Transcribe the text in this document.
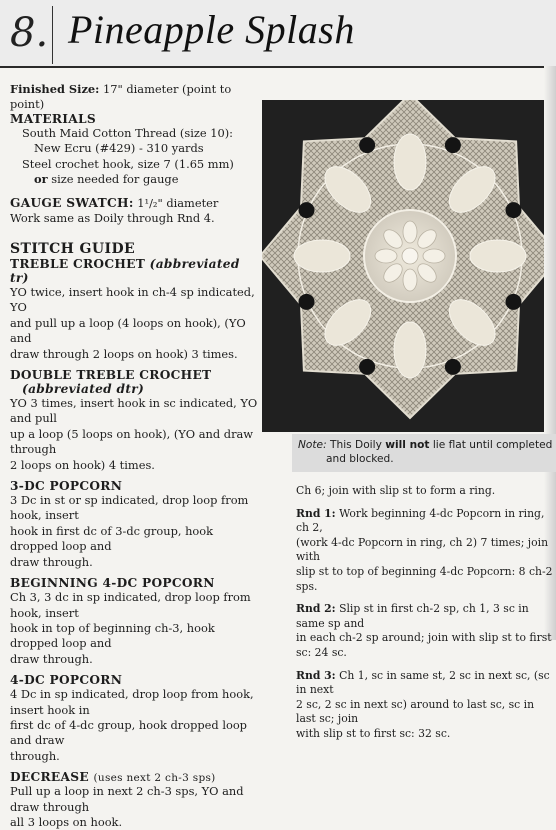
8. Pineapple Splash
Finished Size: 17" diameter (point to point)
MATERIALS
South Maid Cotton Thread (size 10):
New Ecru (#429) - 310 yards
Steel crochet hook, size 7 (1.65 mm)
or size needed for gauge
GAUGE SWATCH: 1¹/₂" diameter
Work same as Doily through Rnd 4.
STITCH GUIDE
TREBLE CROCHET (abbreviated tr)
YO twice, insert hook in ch-4 sp indicated, YO
and pull up a loop (4 loops on hook), (YO and
draw through 2 loops on hook) 3 times.
DOUBLE TREBLE CROCHET
(abbreviated dtr)
YO 3 times, insert hook in sc indicated, YO and pull
up a loop (5 loops on hook), (YO and draw through
2 loops on hook) 4 times.
3-DC POPCORN
3 Dc in st or sp indicated, drop loop from hook, insert
hook in first dc of 3-dc group, hook dropped loop and
draw through.
BEGINNING 4-DC POPCORN
Ch 3, 3 dc in sp indicated, drop loop from hook, insert
hook in top of beginning ch-3, hook dropped loop and
draw through.
4-DC POPCORN
4 Dc in sp indicated, drop loop from hook, insert hook in
first dc of 4-dc group, hook dropped loop and draw
through.
DECREASE (uses next 2 ch-3 sps)
Pull up a loop in next 2 ch-3 sps, YO and draw through
all 3 loops on hook.
Note: This Doily will not lie flat until completed
and blocked.
Ch 6; join with slip st to form a ring.
Rnd 1: Work beginning 4-dc Popcorn in ring, ch 2,
(work 4-dc Popcorn in ring, ch 2) 7 times; join with
slip st to top of beginning 4-dc Popcorn: 8 ch-2 sps.
Rnd 2: Slip st in first ch-2 sp, ch 1, 3 sc in same sp and
in each ch-2 sp around; join with slip st to first sc: 24 sc.
Rnd 3: Ch 1, sc in same st, 2 sc in next sc, (sc in next
2 sc, 2 sc in next sc) around to last sc, sc in last sc; join
with slip st to first sc: 32 sc.
